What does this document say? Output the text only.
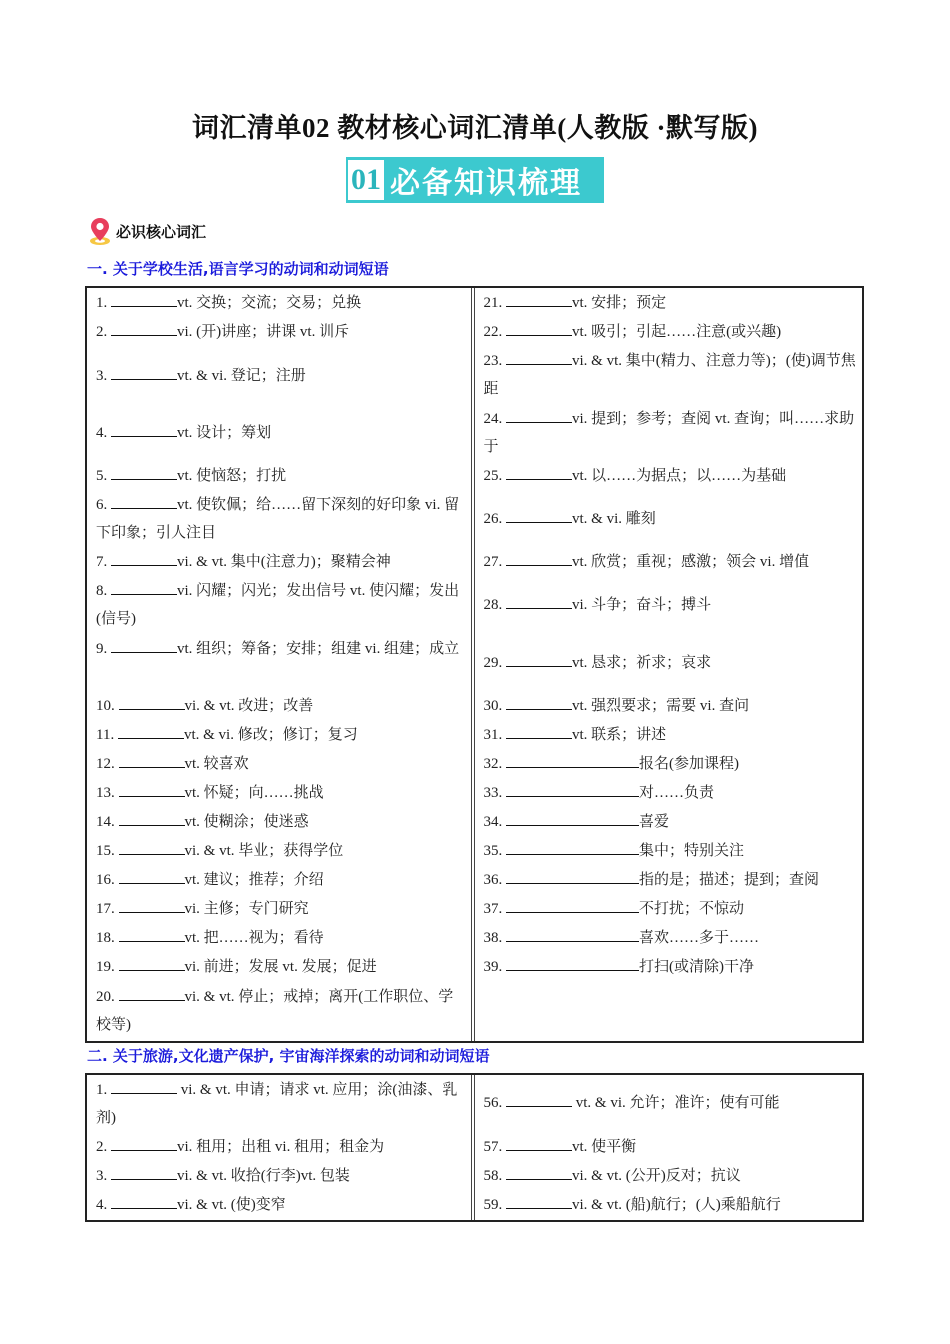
词汇清单02 教材核心词汇清单(人教版 ·默写版)
01 必备知识梳理
必识核心词汇
一. 关于学校生活,语言学习的动词和动词短语
1.	vt. 交换；交流；交易；兑换
2.	vi. (开)讲座；讲课 vt. 训斥
3.	vt. & vi. 登记；注册
4.	vt. 设计；筹划
5.	vt. 使恼怒；打扰
6.	vt. 使钦佩；给……留下深刻的好印象 vi. 留下印象；引人注目
7.	vi. & vt. 集中(注意力)；聚精会神
8.	vi. 闪耀；闪光；发出信号 vt. 使闪耀；发出(信号)
9.	vt. 组织；筹备；安排；组建 vi. 组建；成立
10.	vi. & vt. 改进；改善
11.	vt. & vi. 修改；修订；复习
12.	vt. 较喜欢
13.	vt. 怀疑；向……挑战
14.	vt. 使糊涂；使迷惑
15.	vi. & vt. 毕业；获得学位
16.	vt. 建议；推荐；介绍
17.	vi. 主修；专门研究
18.	vt. 把……视为；看待
19.	vi. 前进；发展 vt. 发展；促进
20.	vi. & vt. 停止；戒掉；离开(工作职位、学校等)
21.	vt. 安排；预定
22.	vt. 吸引；引起……注意(或兴趣)
23.	vi. & vt. 集中(精力、注意力等)；(使)调节焦距
24.	vi. 提到；参考；查阅 vt. 查询；叫……求助于
25.	vt. 以……为据点；以……为基础
26.	vt. & vi. 雕刻
27.	vt. 欣赏；重视；感激；领会 vi. 增值
28.	vi. 斗争；奋斗；搏斗
29.	vt. 恳求；祈求；哀求
30.	vt. 强烈要求；需要 vi. 查问
31.	vt. 联系；讲述
32.	报名(参加课程)
33.	对……负责
34.	喜爱
35.	集中；特别关注
36.	指的是；描述；提到；查阅
37.	不打扰；不惊动
38.	喜欢……多于……
39.	打扫(或清除)干净
二. 关于旅游,文化遗产保护, 宇宙海洋探索的动词和动词短语
1.	vi. & vt. 申请；请求 vt. 应用；涂(油漆、乳剂)
2.	vi. 租用；出租 vi. 租用；租金为
3.	vi. & vt. 收拾(行李)vt. 包装
4.	vi. & vt. (使)变窄
56.	vt. & vi. 允许；准许；使有可能
57.	vt. 使平衡
58.	vi. & vt. (公开)反对；抗议
59.	vi. & vt. (船)航行；(人)乘船航行
